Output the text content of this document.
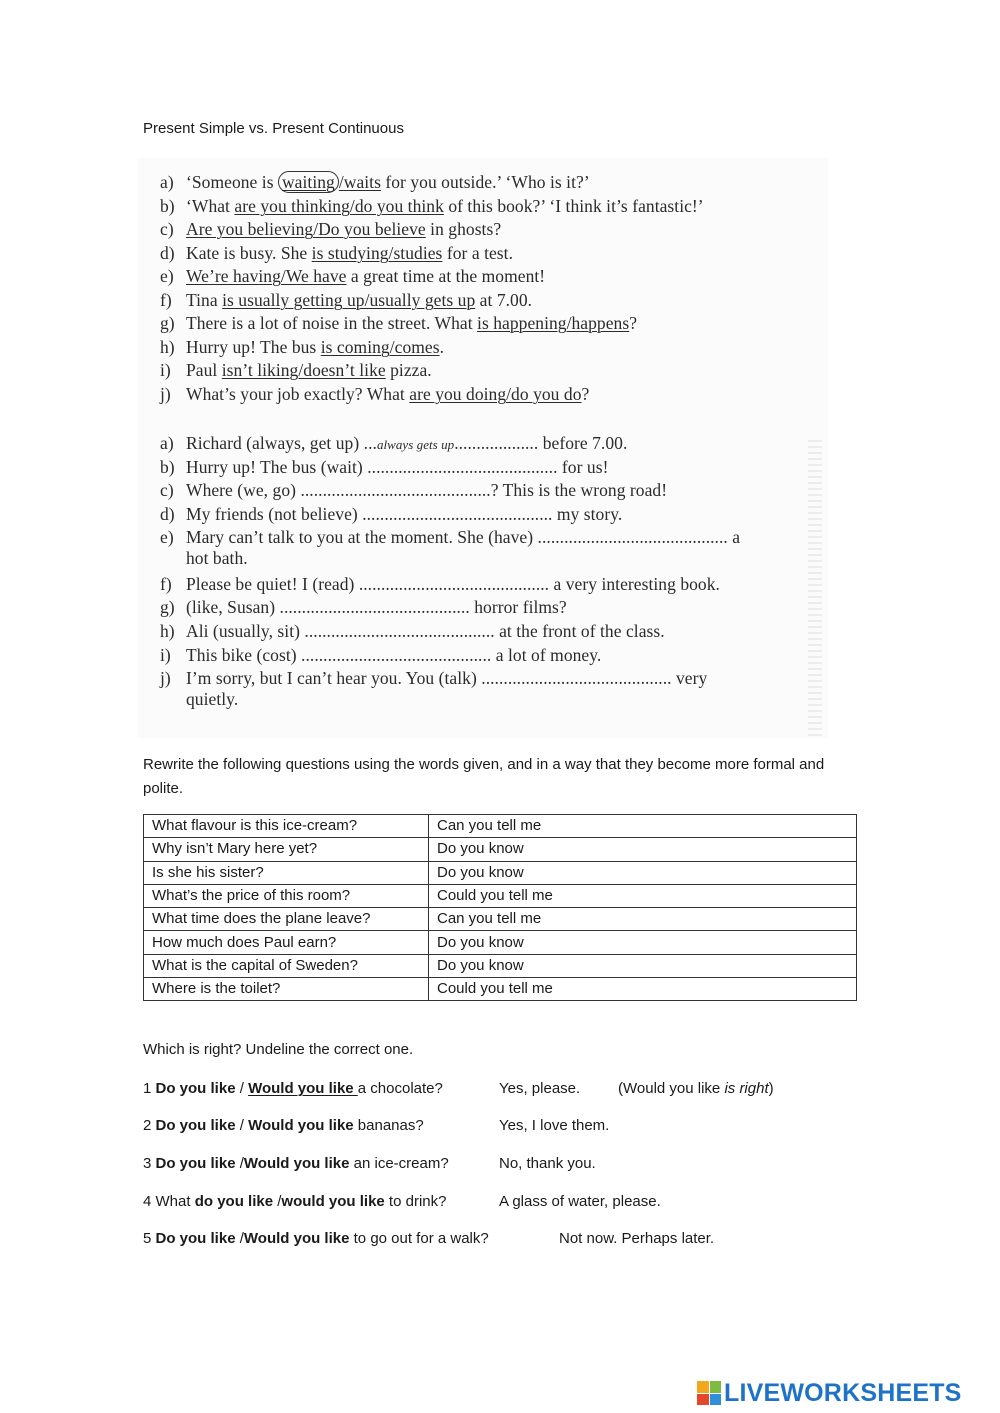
Present Simple vs. Present Continuous
a) ‘Someone is waiting /waits for you outside.’ ‘Who is it?’
b) ‘What are you thinking/do you think of this book?’ ‘I think it’s fantastic!’
c) Are you believing/Do you believe in ghosts?
d) Kate is busy. She is studying/studies for a test.
e) We’re having/We have a great time at the moment!
f) Tina is usually getting up/usually gets up at 7.00.
g) There is a lot of noise in the street. What is happening/happens?
h) Hurry up! The bus is coming/comes.
i) Paul isn’t liking/doesn’t like pizza.
j) What’s your job exactly? What are you doing/do you do?
a) Richard (always, get up) ...always gets up................... before 7.00.
b) Hurry up! The bus (wait) ........................................... for us!
c) Where (we, go) ...........................................? This is the wrong road!
d) My friends (not believe) ........................................... my story.
e) Mary can’t talk to you at the moment. She (have) ........................................... a
hot bath.
f) Please be quiet! I (read) ........................................... a very interesting book.
g) (like, Susan) ........................................... horror films?
h) Ali (usually, sit) ........................................... at the front of the class.
i) This bike (cost) ........................................... a lot of money.
j) I’m sorry, but I can’t hear you. You (talk) ........................................... very
quietly.
Rewrite the following questions using the words given, and in a way that they become more formal and polite.
What flavour is this ice-cream?	Can you tell me
Why isn’t Mary here yet?	Do you know
Is she his sister?	Do you know
What’s the price of this room?	Could you tell me
What time does the plane leave?	Can you tell me
How much does Paul earn?	Do you know
What is the capital of Sweden?	Do you know
Where is the toilet?	Could you tell me
Which is right? Undeline the correct one.
1 Do you like / Would you like a chocolate?	Yes, please.	(Would you like is right)
2 Do you like / Would you like bananas?	Yes, I love them.
3 Do you like /Would you like an ice-cream?	No, thank you.
4 What do you like /would you like to drink?	A glass of water, please.
5 Do you like /Would you like to go out for a walk?	Not now. Perhaps later.
LIVEWORKSHEETS
